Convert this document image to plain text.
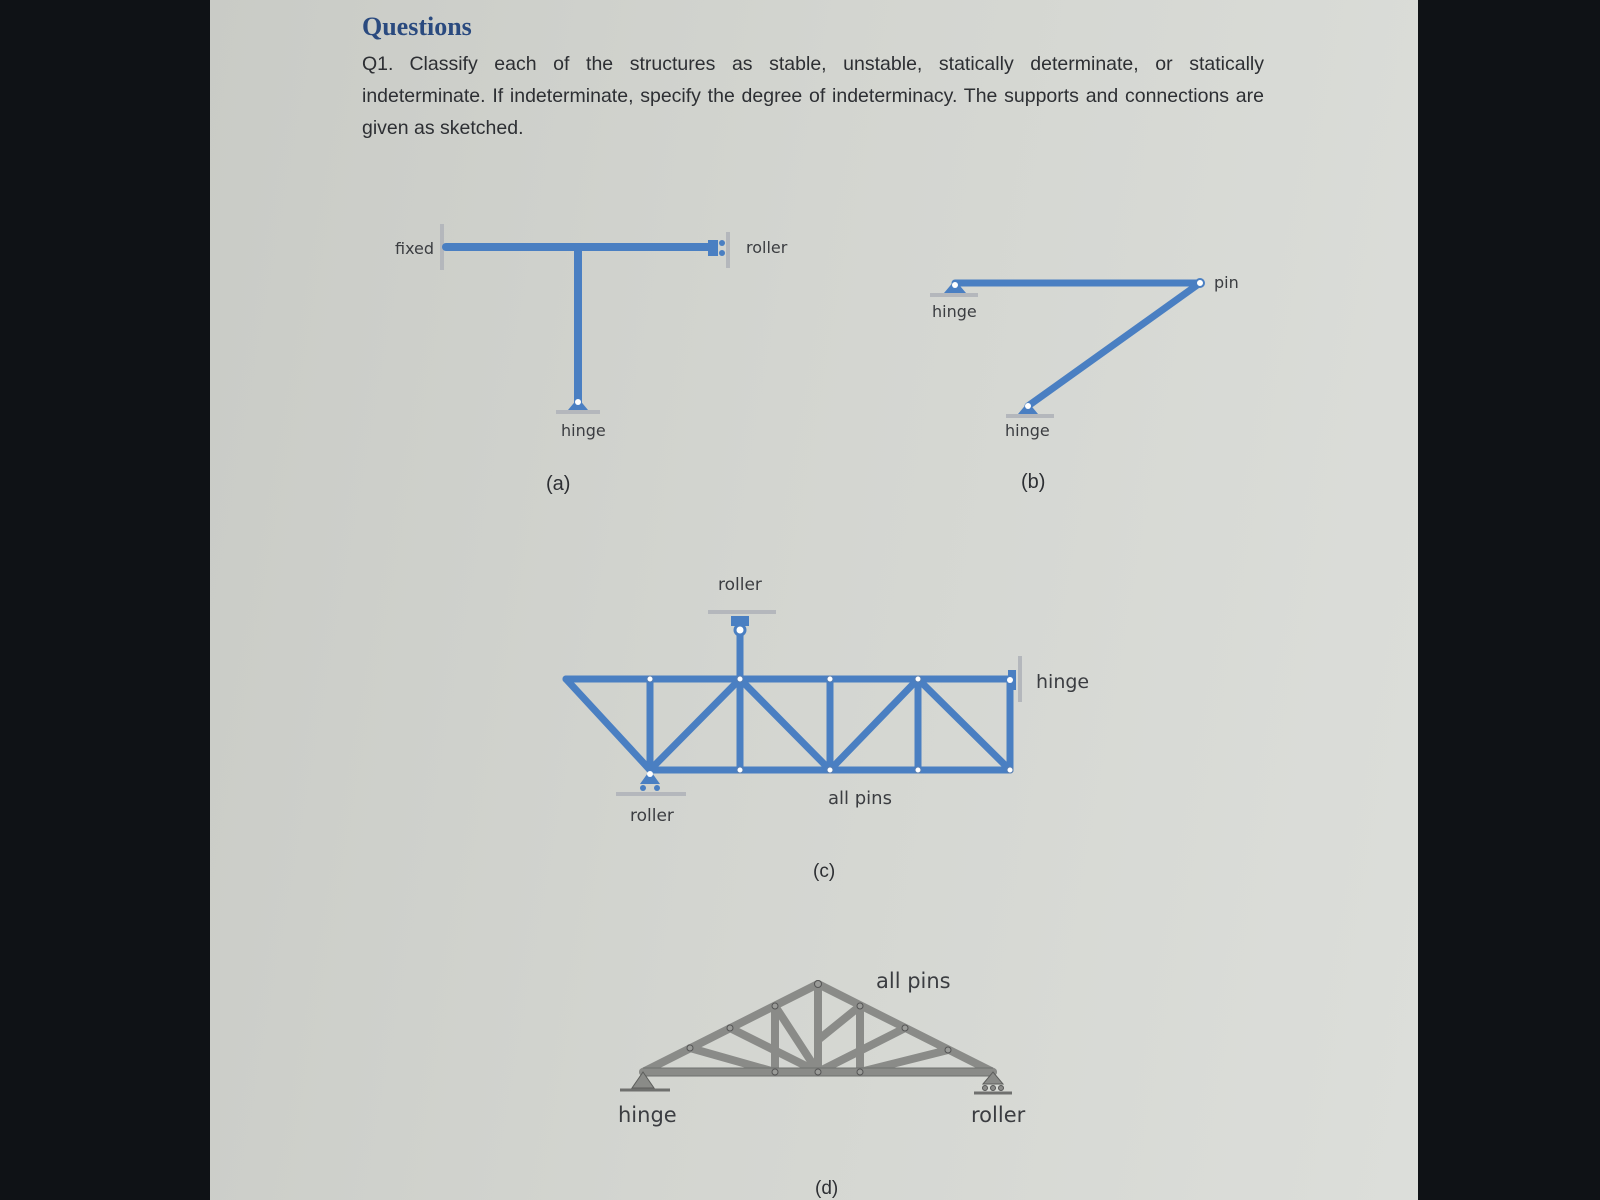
Questions

Q1. Classify each of the structures as stable, unstable, statically determinate, or statically indeterminate. If indeterminate, specify the degree of indeterminacy. The supports and connections are given as sketched.

fixed	roller
hinge
(a)
pin
hinge
hinge
(b)
roller
hinge
roller
all pins
(c)
all pins
hinge	roller
(d)
